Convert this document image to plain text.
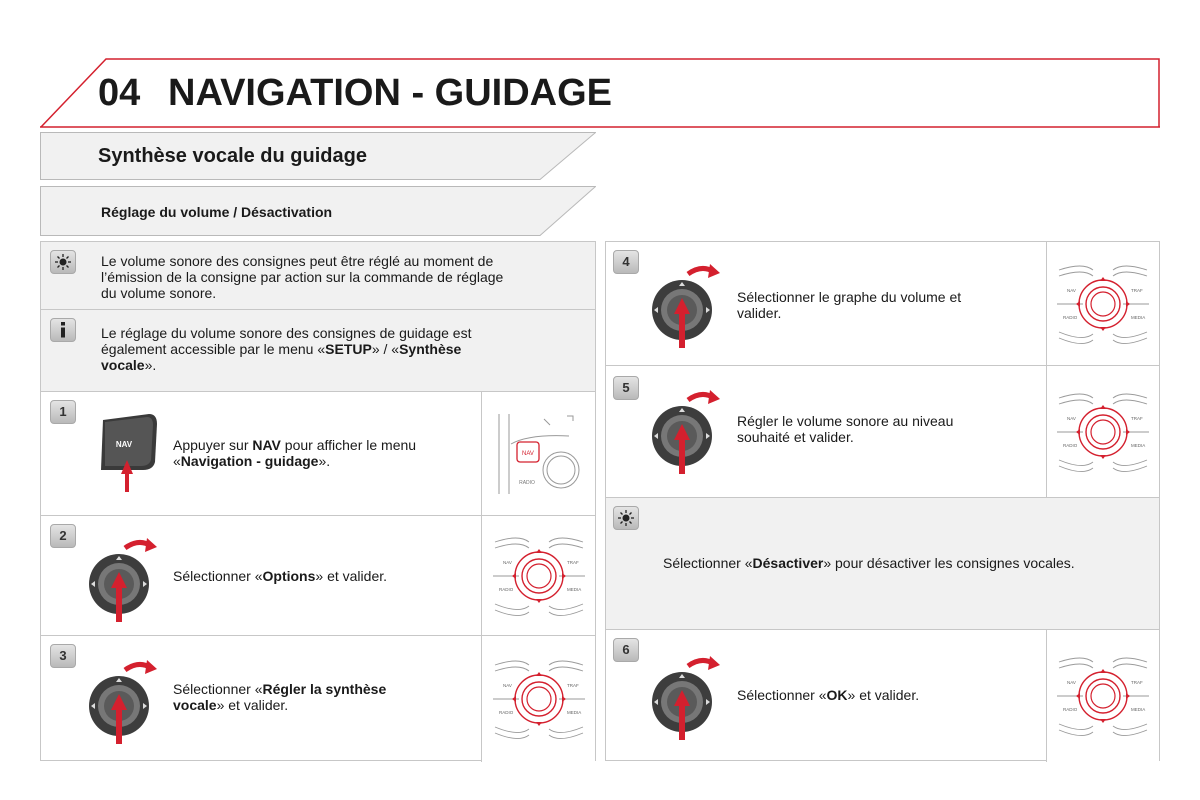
04 NAVIGATION - GUIDAGE
Synthèse vocale du guidage
Réglage du volume / Désactivation
Le volume sonore des consignes peut être réglé au moment de
l’émission de la consigne par action sur la commande de réglage
du volume sonore.
Le réglage du volume sonore des consignes de guidage est
également accessible par le menu «SETUP» / «Synthèse
vocale».
1
NAV	Appuyer sur NAV pour afficher le menu
«Navigation - guidage».	NAV
RADIO
2
Sélectionner «Options» et valider.
NAV	TRAF
RADIO	MEDIA
3
Sélectionner «Régler la synthèse
vocale» et valider.
NAV	TRAF
RADIO	MEDIA
4
Sélectionner le graphe du volume et
valider.
NAV	TRAF
RADIO	MEDIA
5
Régler le volume sonore au niveau
souhaité et valider.
NAV	TRAF
RADIO	MEDIA
Sélectionner «Désactiver» pour désactiver les consignes vocales.
6
Sélectionner «OK» et valider.
NAV	TRAF
RADIO	MEDIA
